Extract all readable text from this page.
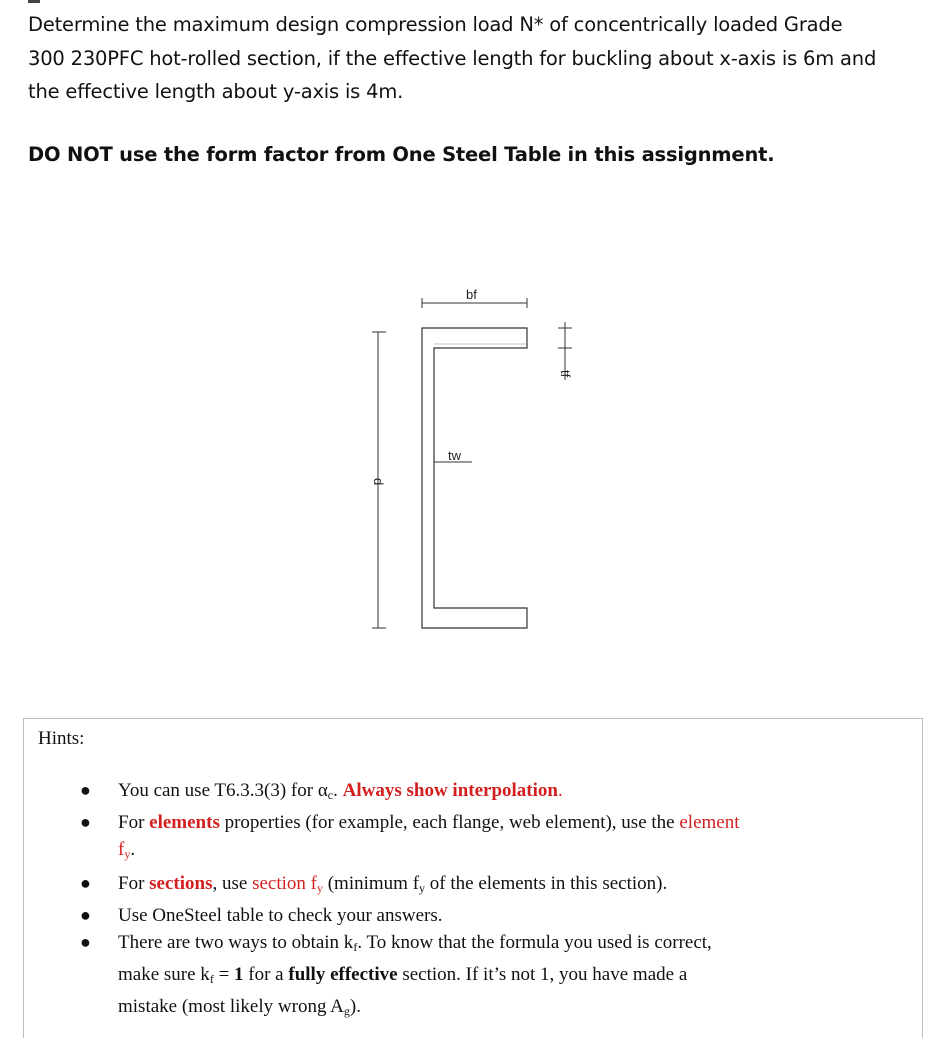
Determine the maximum design compression load N* of concentrically loaded Grade
300 230PFC hot-rolled section, if the effective length for buckling about x-axis is 6m and
the effective length about y-axis is 4m.
DO NOT use the form factor from One Steel Table in this assignment.
bf
d
tw
tf
Hints:
● You can use T6.3.3(3) for $\alpha_c$. Always show interpolation.
● For elements properties (for example, each flange, web element), use the element
$f_y$.
● For sections, use section $f_y$ (minimum $f_y$ of the elements in this section).
● Use OneSteel table to check your answers.
● There are two ways to obtain $k_f$. To know that the formula you used is correct,
make sure $k_f = 1$ for a fully effective section. If it’s not 1, you have made a
mistake (most likely wrong $A_g$).
